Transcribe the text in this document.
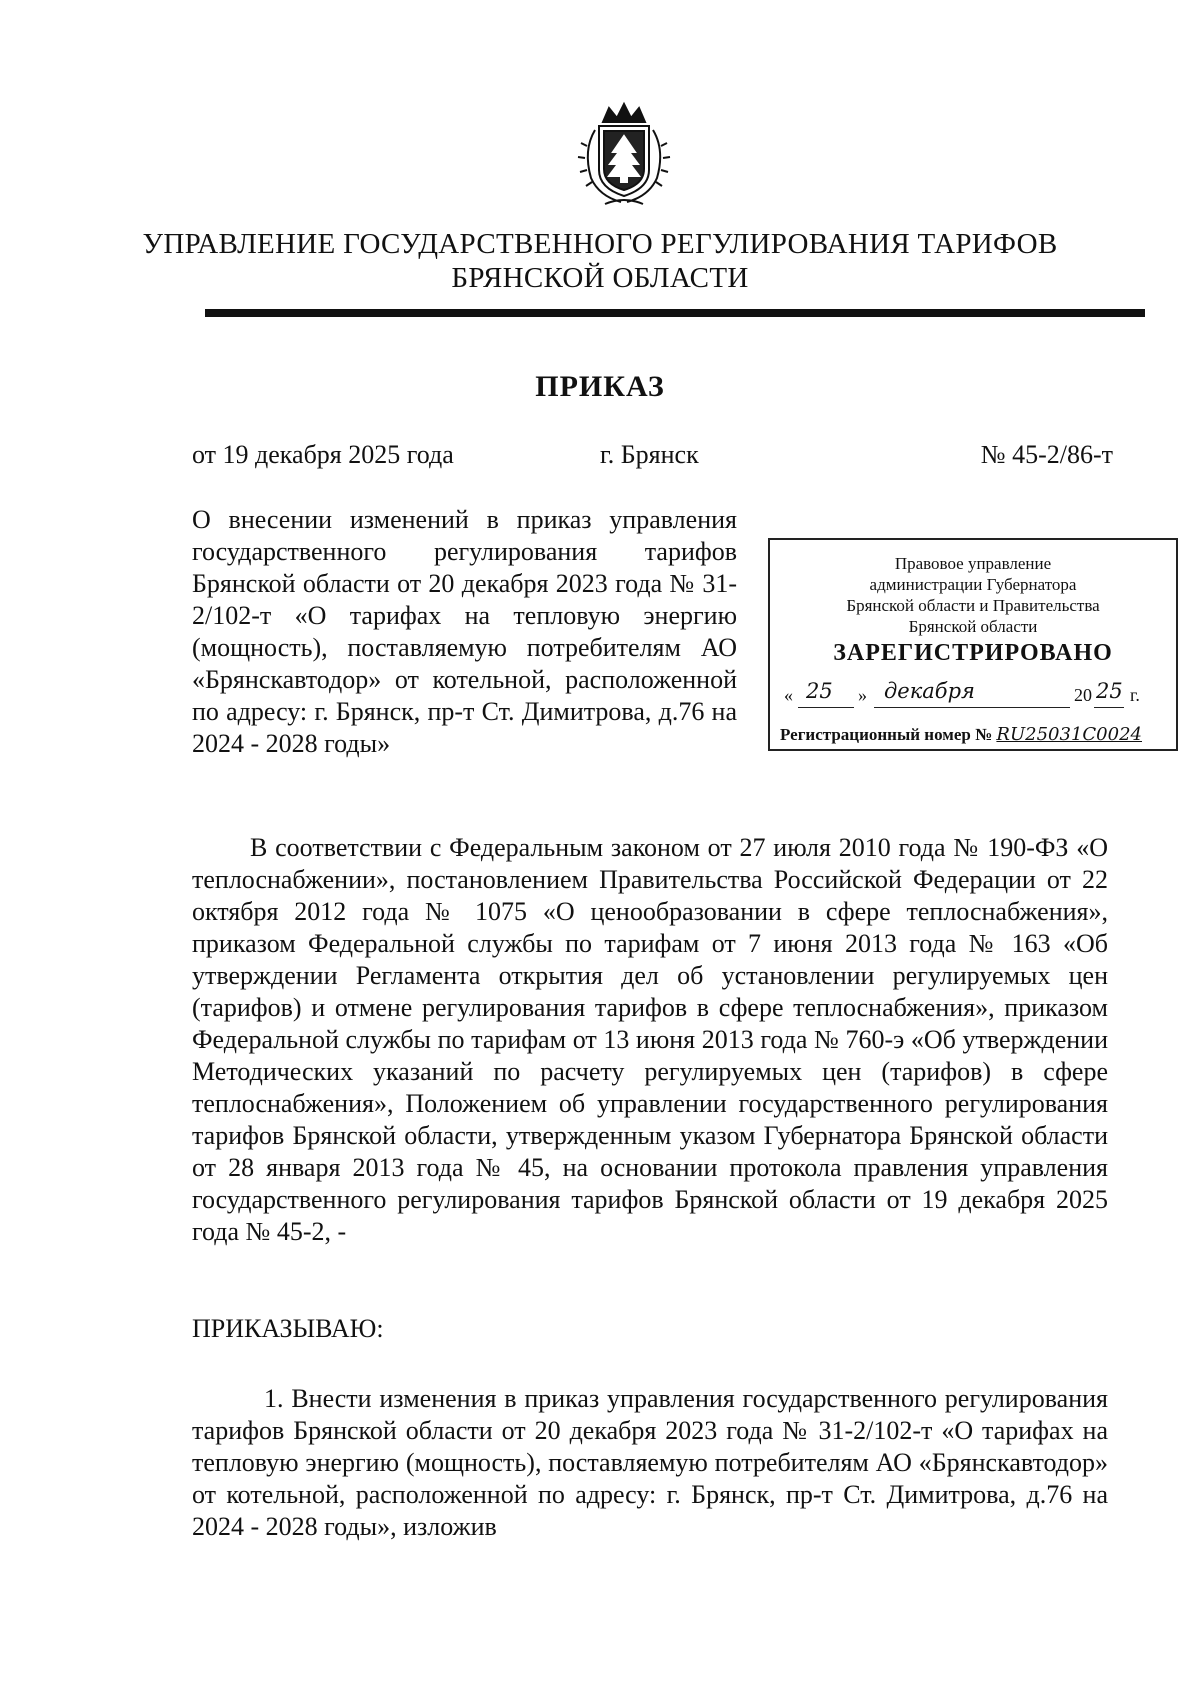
УПРАВЛЕНИЕ ГОСУДАРСТВЕННОГО РЕГУЛИРОВАНИЯ ТАРИФОВ
БРЯНСКОЙ ОБЛАСТИ
ПРИКАЗ
от 19 декабря 2025 года	г. Брянск	№ 45-2/86-т
О внесении изменений в приказ управления государственного регулирования тарифов Брянской области от 20 декабря 2023 года № 31-2/102-т «О тарифах на тепловую энергию (мощность), поставляемую потребителям АО «Брянскавтодор» от котельной, расположенной по адресу: г. Брянск, пр-т Ст. Димитрова, д.76 на
2024 - 2028 годы»
Правовое управление
администрации Губернатора
Брянской области и Правительства
Брянской области
ЗАРЕГИСТРИРОВАНО
« 25 » декабря	20 25 г.
Регистрационный номер № RU25031C0024
В соответствии с Федеральным законом от 27 июля 2010 года № 190-ФЗ «О теплоснабжении», постановлением Правительства Российской Федерации от 22 октября 2012 года № 1075 «О ценообразовании в сфере теплоснабжения», приказом Федеральной службы по тарифам от 7 июня 2013 года № 163 «Об утверждении Регламента открытия дел об установлении регулируемых цен (тарифов) и отмене регулирования тарифов в сфере теплоснабжения», приказом Федеральной службы по тарифам от 13 июня 2013 года № 760-э «Об утверждении Методических указаний по расчету регулируемых цен (тарифов) в сфере теплоснабжения», Положением об управлении государственного регулирования тарифов Брянской области, утвержденным указом Губернатора Брянской области от 28 января 2013 года № 45, на основании протокола правления управления государственного регулирования тарифов Брянской области от 19 декабря 2025 года № 45-2, -
ПРИКАЗЫВАЮ:
1. Внести изменения в приказ управления государственного регулирования тарифов Брянской области от 20 декабря 2023 года № 31-2/102-т «О тарифах на тепловую энергию (мощность), поставляемую потребителям АО «Брянскавтодор» от котельной, расположенной по адресу: г. Брянск, пр-т Ст. Димитрова, д.76 на 2024 - 2028 годы», изложив
